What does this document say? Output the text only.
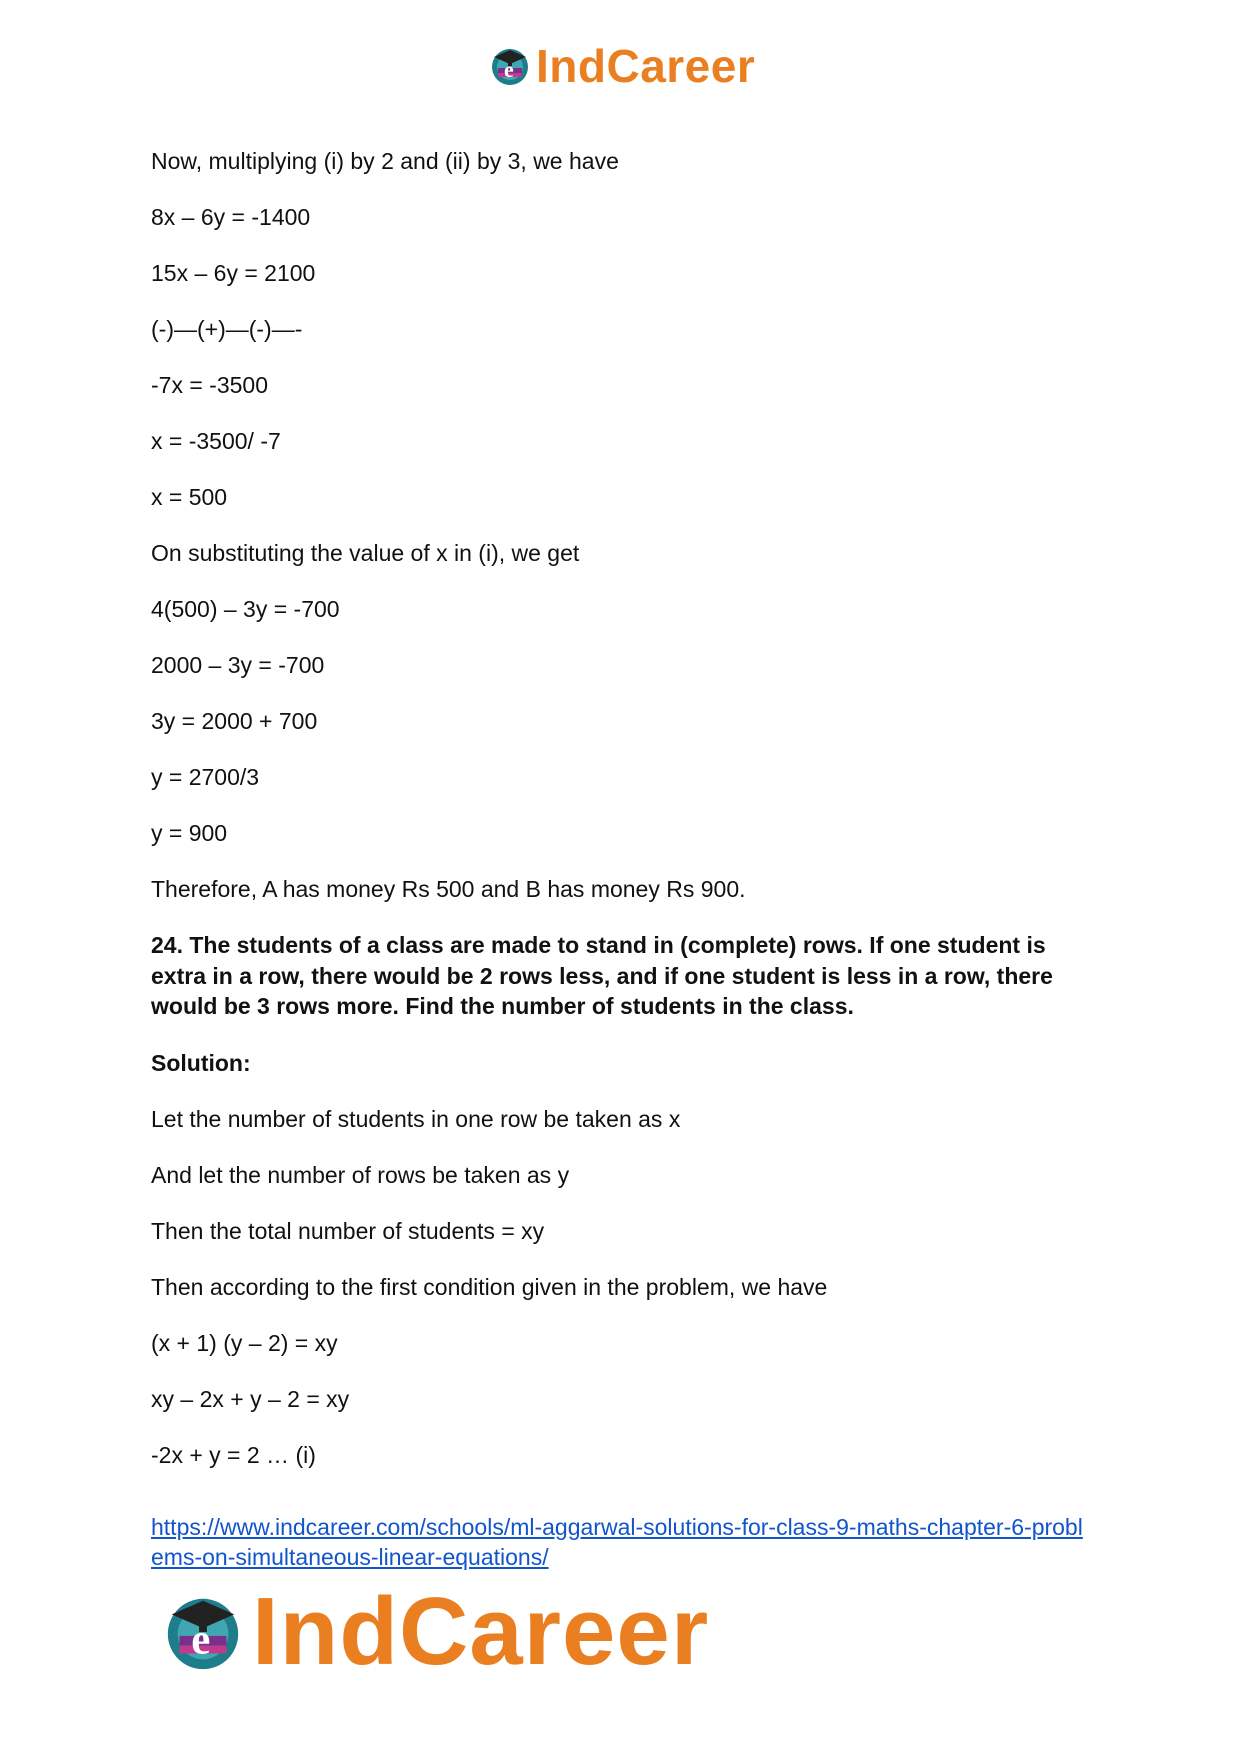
e IndCareer
Now, multiplying (i) by 2 and (ii) by 3, we have
8x – 6y = -1400
15x – 6y = 2100
(-)—(+)—(-)—-
-7x = -3500
x = -3500/ -7
x = 500
On substituting the value of x in (i), we get
4(500) – 3y = -700
2000 – 3y = -700
3y = 2000 + 700
y = 2700/3
y = 900
Therefore, A has money Rs 500 and B has money Rs 900.
24. The students of a class are made to stand in (complete) rows. If one student is
extra in a row, there would be 2 rows less, and if one student is less in a row, there
would be 3 rows more. Find the number of students in the class.
Solution:
Let the number of students in one row be taken as x
And let the number of rows be taken as y
Then the total number of students = xy
Then according to the first condition given in the problem, we have
(x + 1) (y – 2) = xy
xy – 2x + y – 2 = xy
-2x + y = 2 … (i)
https://www.indcareer.com/schools/ml-aggarwal-solutions-for-class-9-maths-chapter-6-probl
ems-on-simultaneous-linear-equations/
e IndCareer
